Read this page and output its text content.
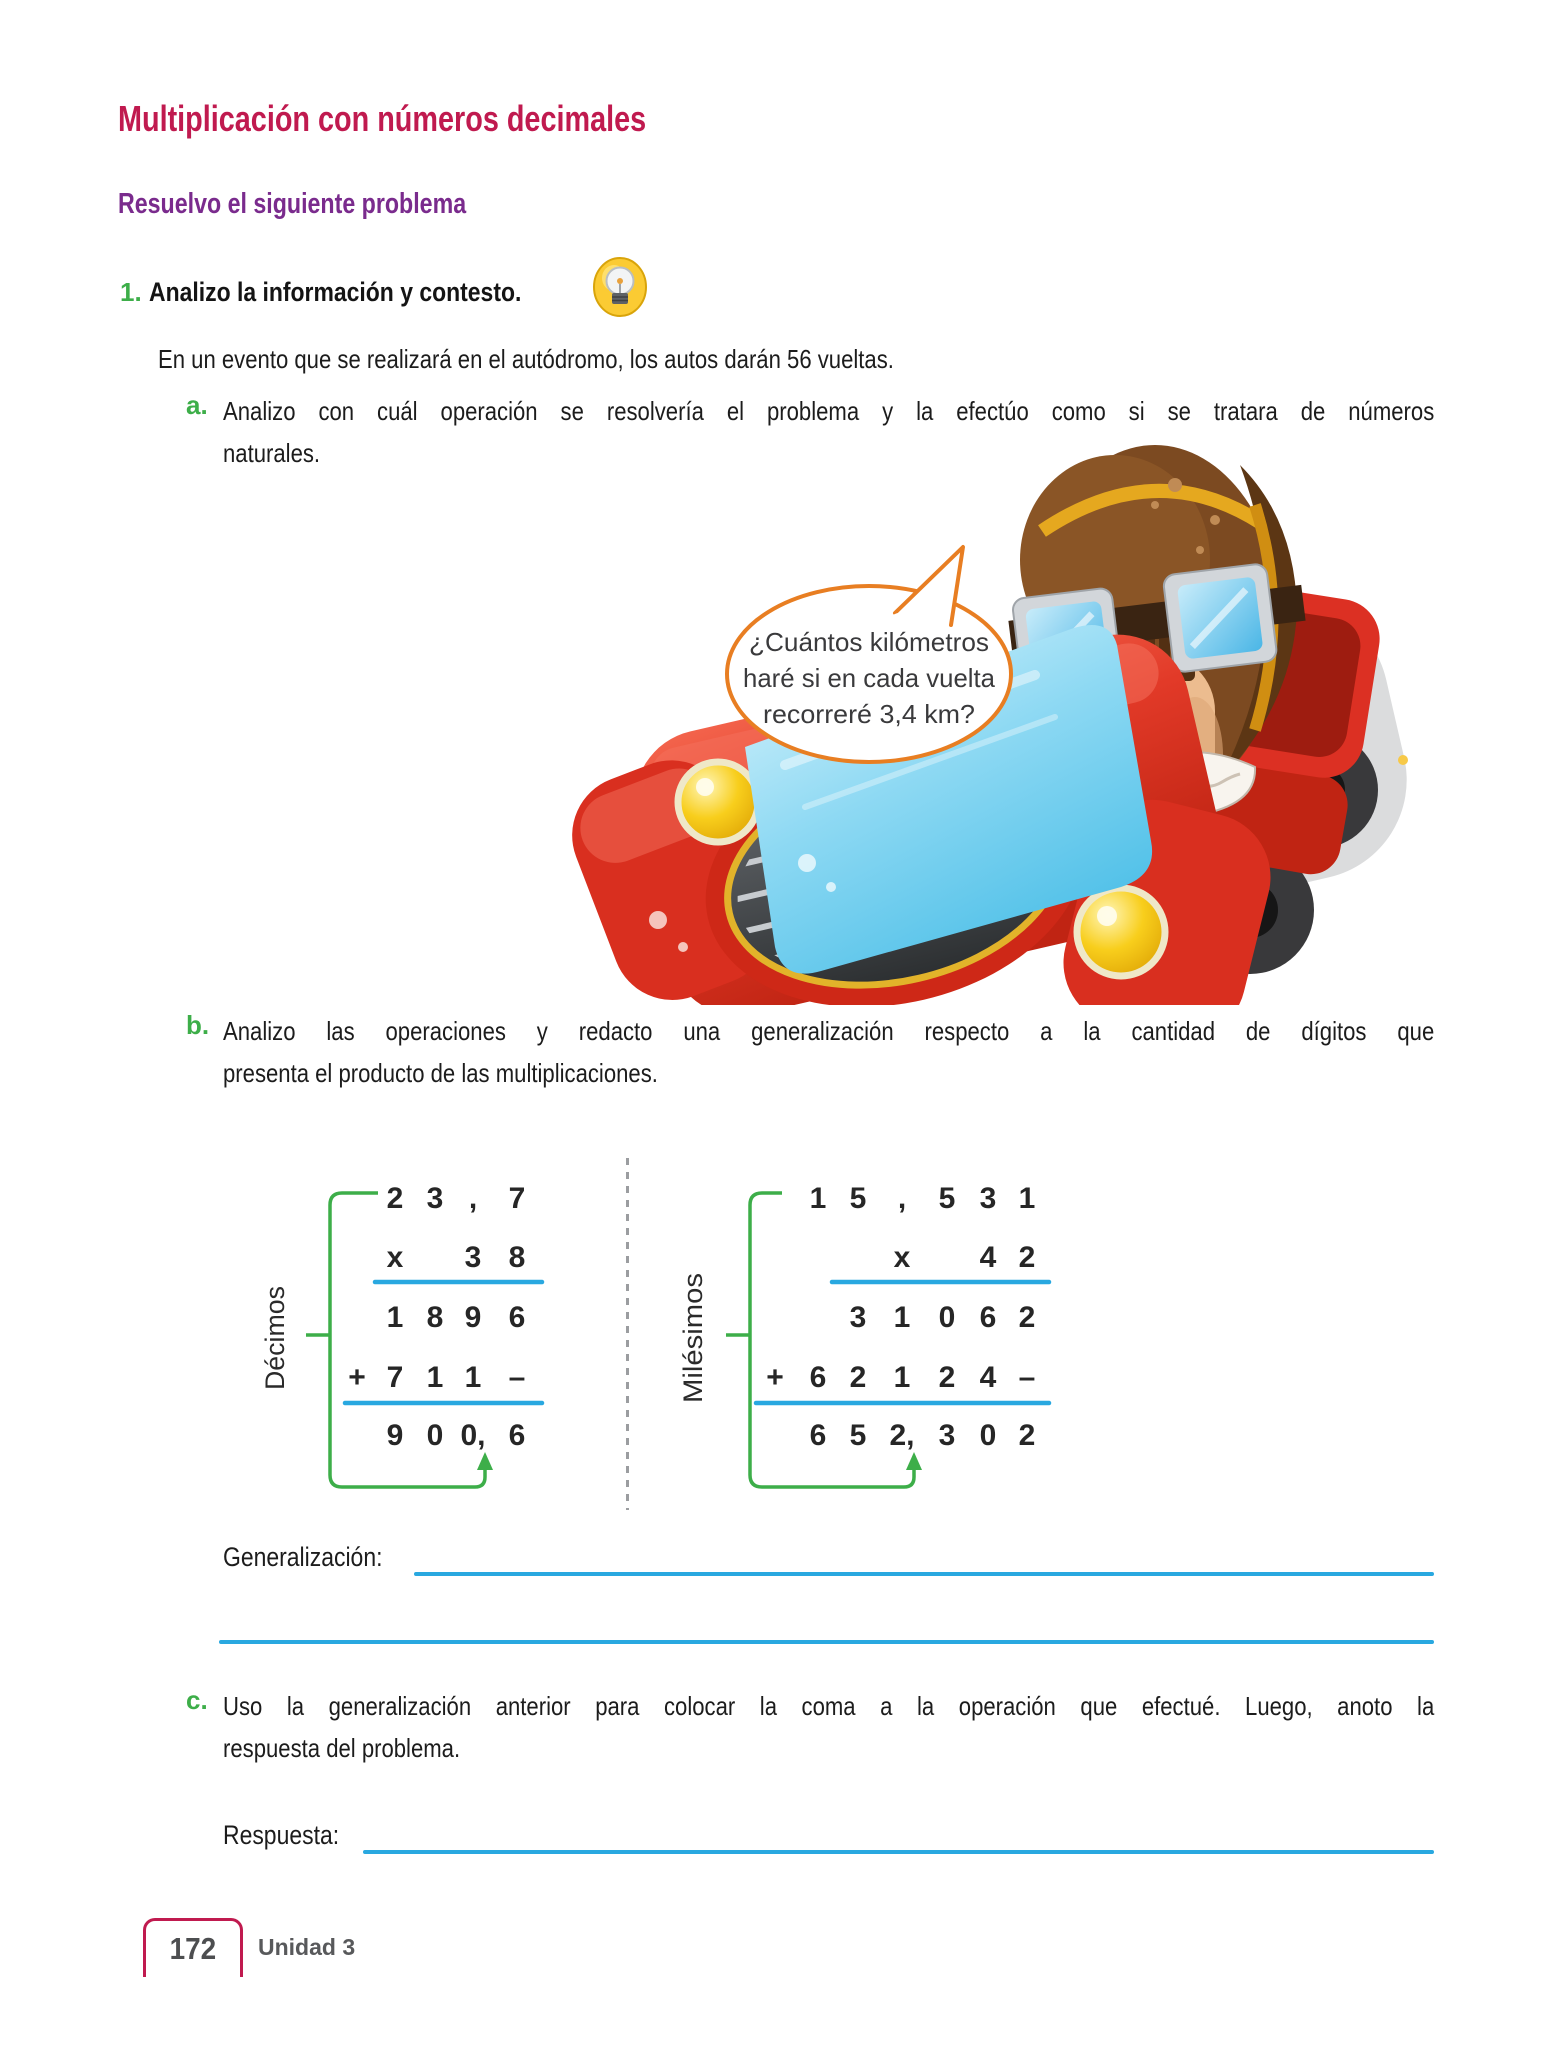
Multiplicación con números decimales
Resuelvo el siguiente problema
1. Analizo la información y contesto.
En un evento que se realizará en el autódromo, los autos darán 56 vueltas.
a. Analizo con cuál operación se resolvería el problema y la efectúo como si se tratara de números
naturales.
¿Cuántos kilómetros
haré si en cada vuelta
recorreré 3,4 km?
b. Analizo las operaciones y redacto una generalización respecto a la cantidad de dígitos que
presenta el producto de las multiplicaciones.
Décimos
2 3 , 7
x 3 8
1 8 9 6
+ 7 1 1 –
9 0 0, 6
Milésimos
1 5 , 5 3 1
x 4 2
3 1 0 6 2
+ 6 2 1 2 4 –
6 5 2, 3 0 2
Generalización:
c. Uso la generalización anterior para colocar la coma a la operación que efectué. Luego, anoto la
respuesta del problema.
Respuesta:
172 Unidad 3
